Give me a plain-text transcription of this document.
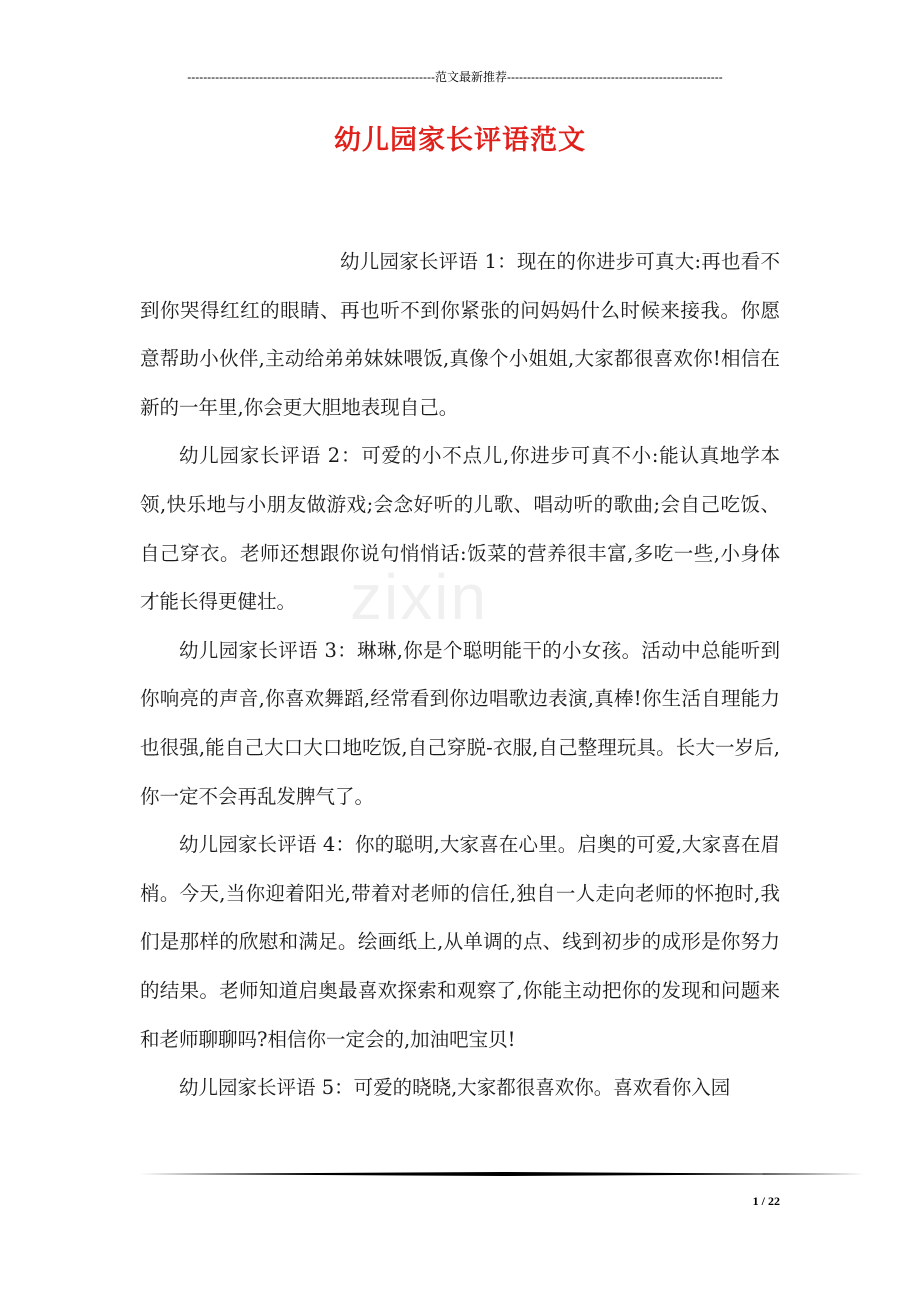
--------------------------------------------------------------范文最新推荐------------------------------------------------------
幼儿园家长评语范文
zixin

幼儿园家长评语 1：现在的你进步可真大:再也看不到你哭得红红的眼睛、再也听不到你紧张的问妈妈什么时候来接我。你愿意帮助小伙伴,主动给弟弟妹妹喂饭,真像个小姐姐,大家都很喜欢你!相信在新的一年里,你会更大胆地表现自己。

幼儿园家长评语 2：可爱的小不点儿,你进步可真不小:能认真地学本领,快乐地与小朋友做游戏;会念好听的儿歌、唱动听的歌曲;会自己吃饭、自己穿衣。老师还想跟你说句悄悄话:饭菜的营养很丰富,多吃一些,小身体才能长得更健壮。

幼儿园家长评语 3：琳琳,你是个聪明能干的小女孩。活动中总能听到你响亮的声音,你喜欢舞蹈,经常看到你边唱歌边表演,真棒!你生活自理能力也很强,能自己大口大口地吃饭,自己穿脱-衣服,自己整理玩具。长大一岁后,你一定不会再乱发脾气了。

幼儿园家长评语 4：你的聪明,大家喜在心里。启奥的可爱,大家喜在眉梢。今天,当你迎着阳光,带着对老师的信任,独自一人走向老师的怀抱时,我们是那样的欣慰和满足。绘画纸上,从单调的点、线到初步的成形是你努力的结果。老师知道启奥最喜欢探索和观察了,你能主动把你的发现和问题来和老师聊聊吗?相信你一定会的,加油吧宝贝!

幼儿园家长评语 5：可爱的晓晓,大家都很喜欢你。喜欢看你入园

1 / 22
